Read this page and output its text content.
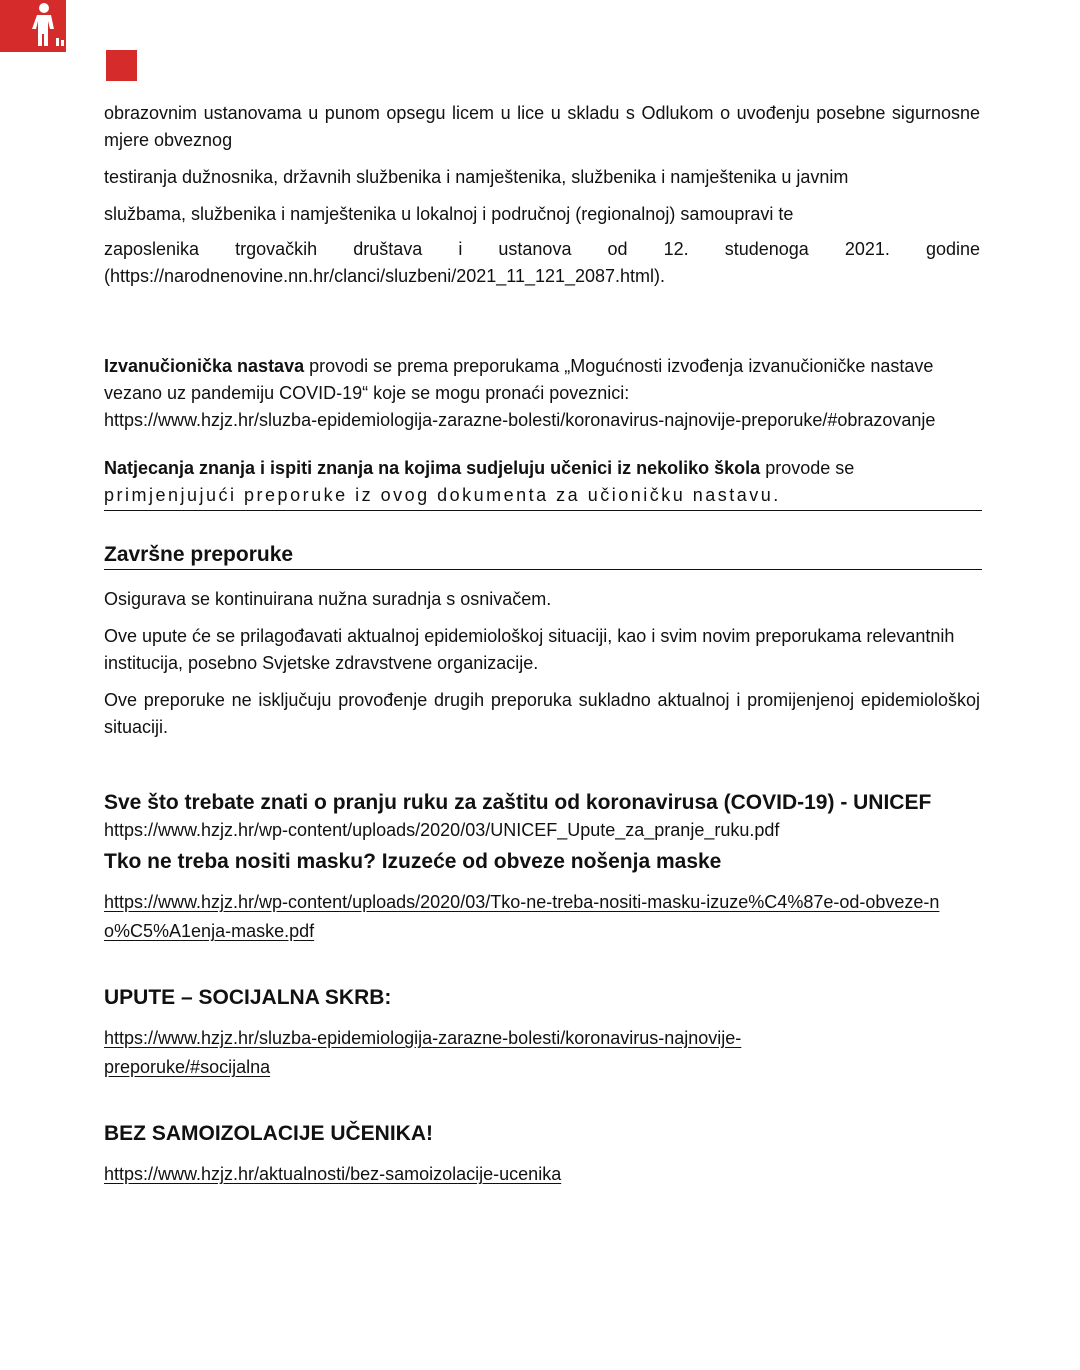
obrazovnim ustanovama u punom opsegu licem u lice u skladu s Odlukom o uvođenju posebne sigurnosne mjere obveznog

testiranja dužnosnika, državnih službenika i namještenika, službenika i namještenika u javnim

službama, službenika i namještenika u lokalnoj i područnoj (regionalnoj) samoupravi te

zaposlenika trgovačkih društava i ustanova od 12. studenoga 2021. godine (https://narodnenovine.nn.hr/clanci/sluzbeni/2021_11_121_2087.html).

Izvanučionička nastava provodi se prema preporukama „Mogućnosti izvođenja izvanučioničke nastave vezano uz pandemiju COVID-19“ koje se mogu pronaći poveznici:

https://www.hzjz.hr/sluzba-epidemiologija-zarazne-bolesti/koronavirus-najnovije-preporuke/#obrazovanje

Natjecanja znanja i ispiti znanja na kojima sudjeluju učenici iz nekoliko škola provode se

primjenjujući preporuke iz ovog dokumenta za učioničku nastavu.

Završne preporuke

Osigurava se kontinuirana nužna suradnja s osnivačem.

Ove upute će se prilagođavati aktualnoj epidemiološkoj situaciji, kao i svim novim preporukama relevantnih institucija, posebno Svjetske zdravstvene organizacije.

Ove preporuke ne isključuju provođenje drugih preporuka sukladno aktualnoj i promijenjenoj epidemiološkoj situaciji.

Sve što trebate znati o pranju ruku za zaštitu od koronavirusa (COVID-19) - UNICEF

https://www.hzjz.hr/wp-content/uploads/2020/03/UNICEF_Upute_za_pranje_ruku.pdf

Tko ne treba nositi masku? Izuzeće od obveze nošenja maske

https://www.hzjz.hr/wp-content/uploads/2020/03/Tko-ne-treba-nositi-masku-izuze%C4%87e-od-obveze-no%C5%A1enja-maske.pdf

UPUTE – SOCIJALNA SKRB:

https://www.hzjz.hr/sluzba-epidemiologija-zarazne-bolesti/koronavirus-najnovije-preporuke/#socijalna

BEZ SAMOIZOLACIJE UČENIKA!

https://www.hzjz.hr/aktualnosti/bez-samoizolacije-ucenika
